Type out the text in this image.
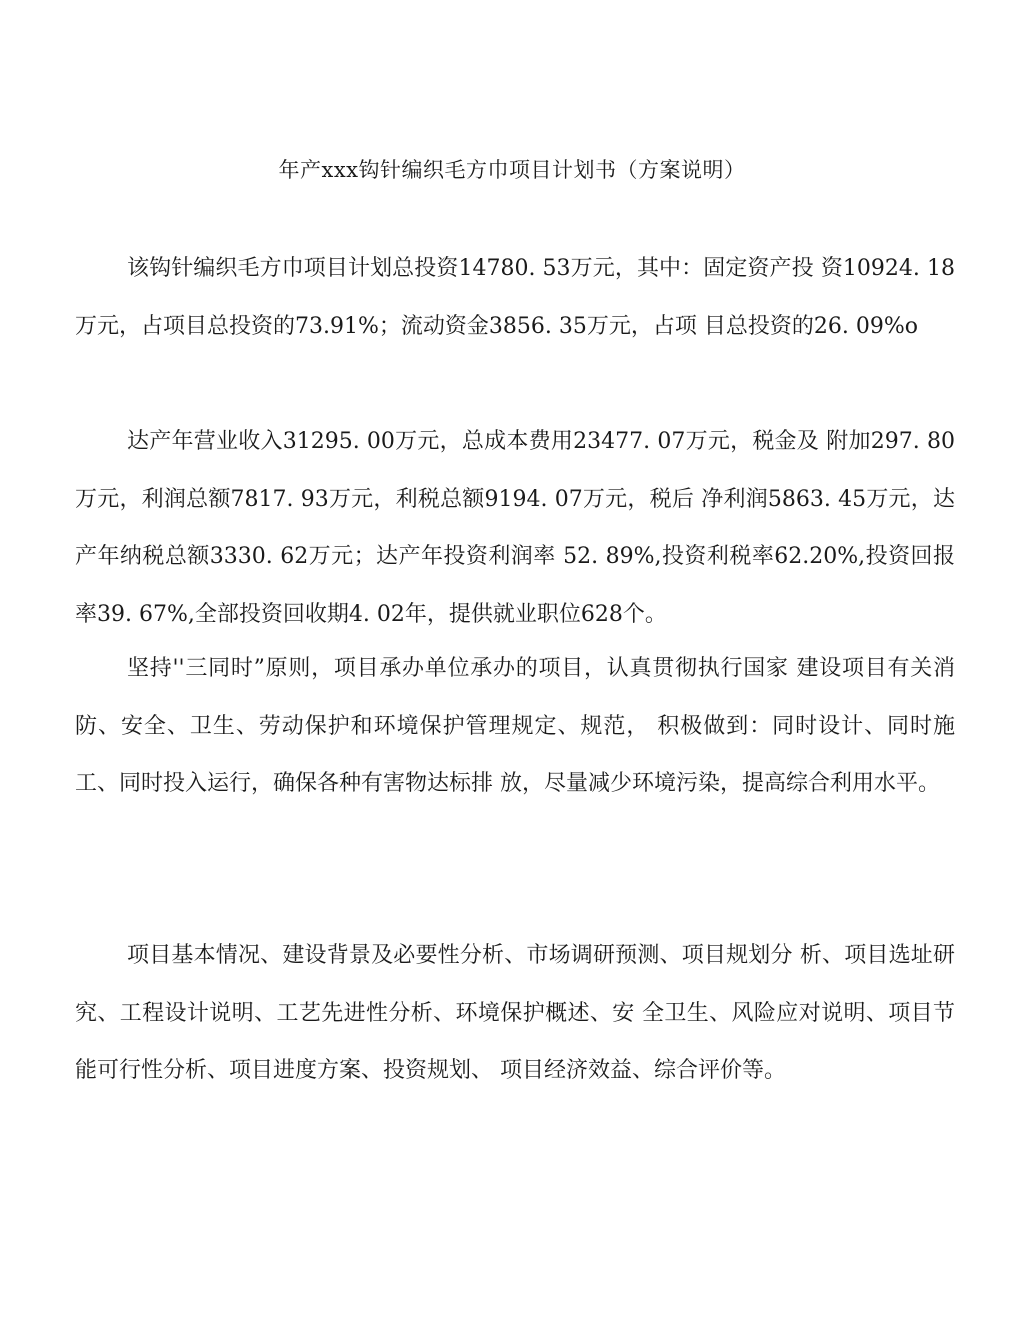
年产xxx钩针编织毛方巾项目计划书（方案说明）

该钩针编织毛方巾项目计划总投资14780. 53万元，其中：固定资产投 资10924. 18万元，占项目总投资的73.91%；流动资金3856. 35万元，占项 目总投资的26. 09%o

达产年营业收入31295. 00万元，总成本费用23477. 07万元，税金及 附加297. 80万元，利润总额7817. 93万元，利税总额9194. 07万元，税后 净利润5863. 45万元，达产年纳税总额3330. 62万元；达产年投资利润率 52. 89%,投资利税率62.20%,投资回报率39. 67%,全部投资回收期4. 02年，提供就业职位628个。

坚持''三同时”原则，项目承办单位承办的项目，认真贯彻执行国家 建设项目有关消防、安全、卫生、劳动保护和环境保护管理规定、规范， 积极做到：同时设计、同时施工、同时投入运行，确保各种有害物达标排 放，尽量减少环境污染，提高综合利用水平。

项目基本情况、建设背景及必要性分析、市场调研预测、项目规划分 析、项目选址研究、工程设计说明、工艺先进性分析、环境保护概述、安 全卫生、风险应对说明、项目节能可行性分析、项目进度方案、投资规划、 项目经济效益、综合评价等。
